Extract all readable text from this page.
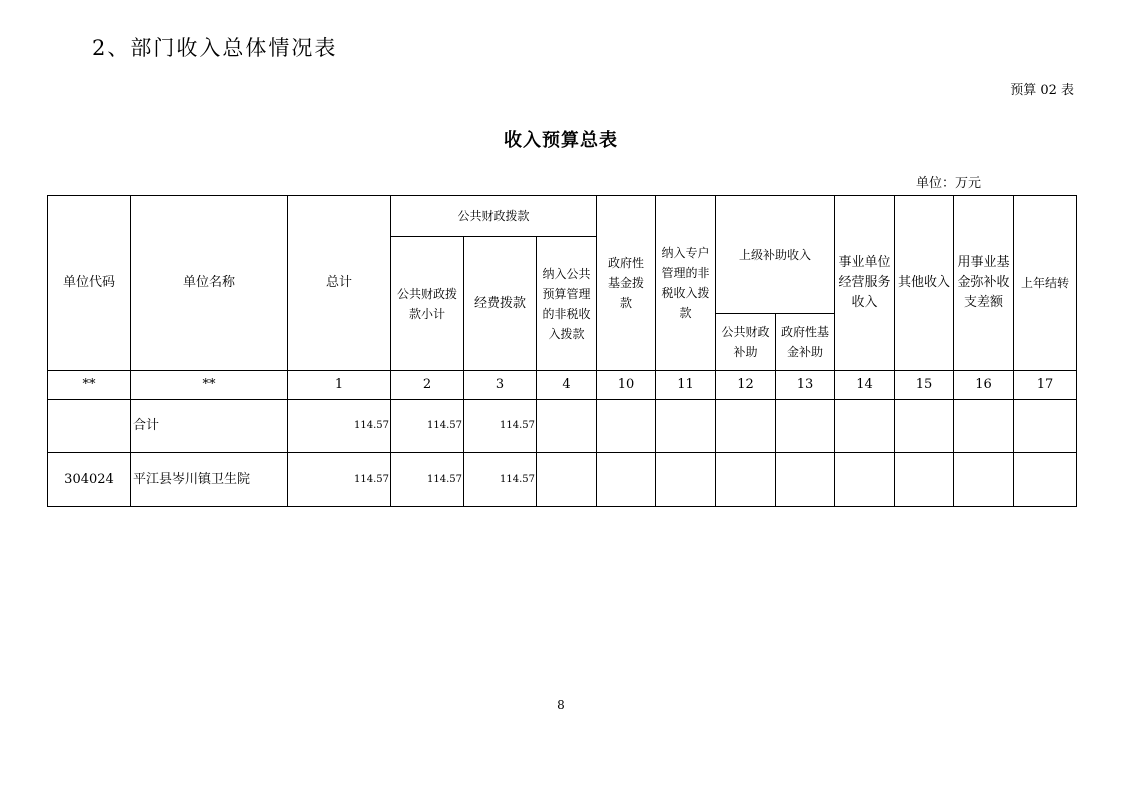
2、部门收入总体情况表
预算 02 表
收入预算总表
单位：万元
单位代码	单位名称	总计	公共财政拨款			政府性基金拨款	纳入专户管理的非税收入拨款	上级补助收入		事业单位经营服务收入	其他收入	用事业基金弥补收支差额	上年结转

			公共财政拨款小计	经费拨款	纳入公共预算管理的非税收入拨款								

								公共财政补助	政府性基金补助				

**	**	1	2	3	4	10	11	12	13	14	15	16	17
	合计	114.57	114.57	114.57									
304024	平江县岑川镇卫生院	114.57	114.57	114.57									
8
